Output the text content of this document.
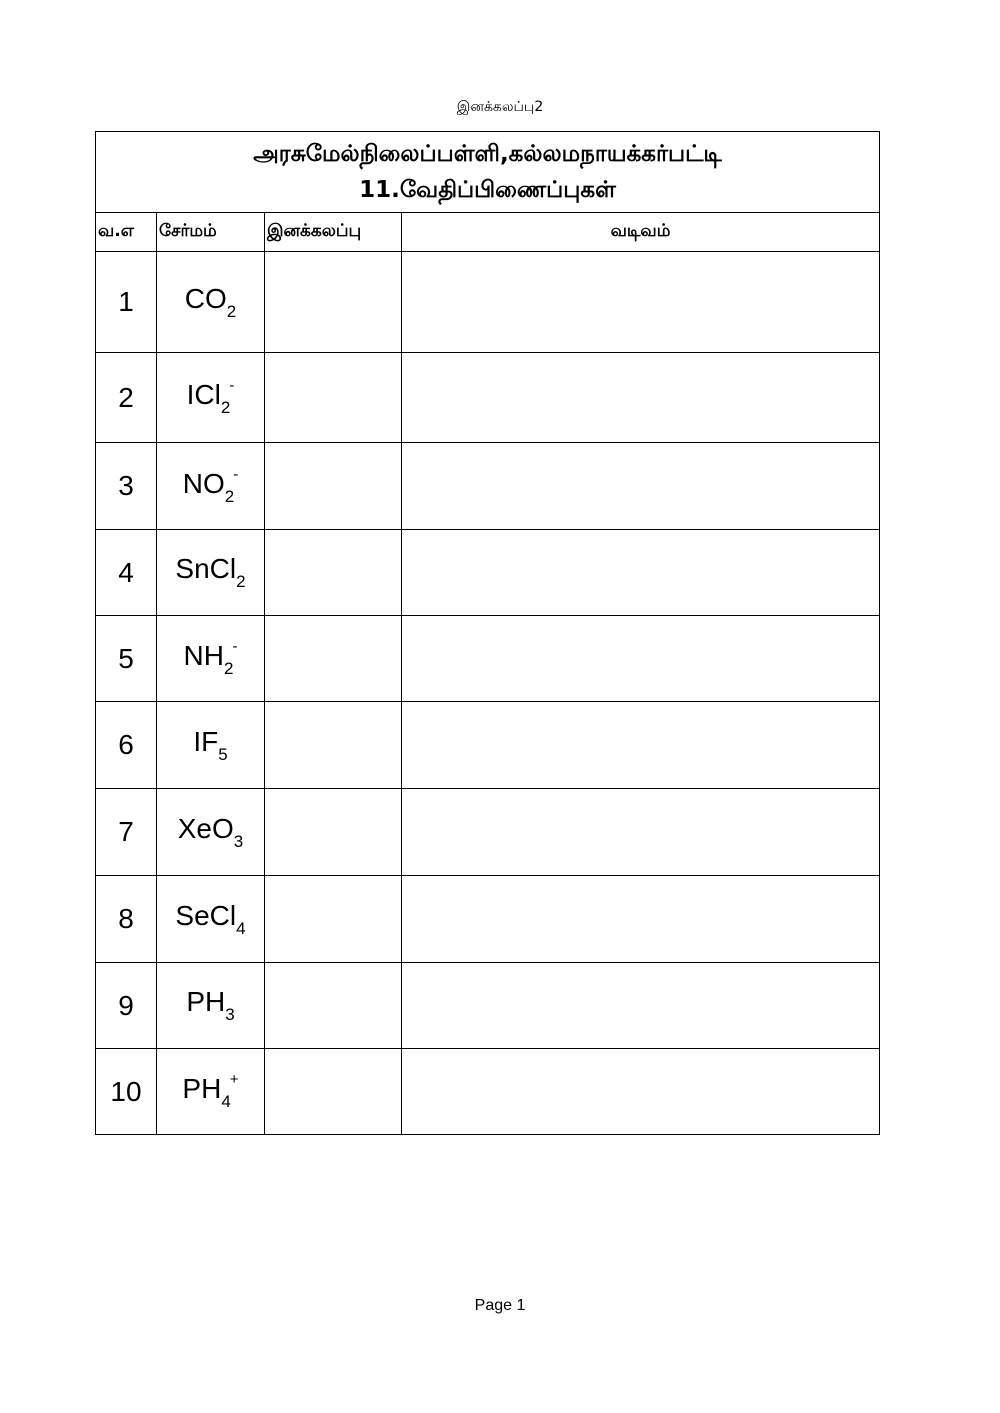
இனக்கலப்பு2
அரசுமேல்நிலைப்பள்ளி,கல்லமநாயக்கர்பட்டி
11.வேதிப்பிணைப்புகள்			

வ.எ	சேர்மம்	இனக்கலப்பு	வடிவம்
1	$CO_2$		
2	ICl$_2$-		
3	$NO_2^-$		
4	SnCl$_2$		
5	$NH_2^-$		
6	$IF_5$		
7	XeO$_3$		
8	SeCl$_4$		
9	$PH_3$		
10	$PH_4^+$		
Page 1
